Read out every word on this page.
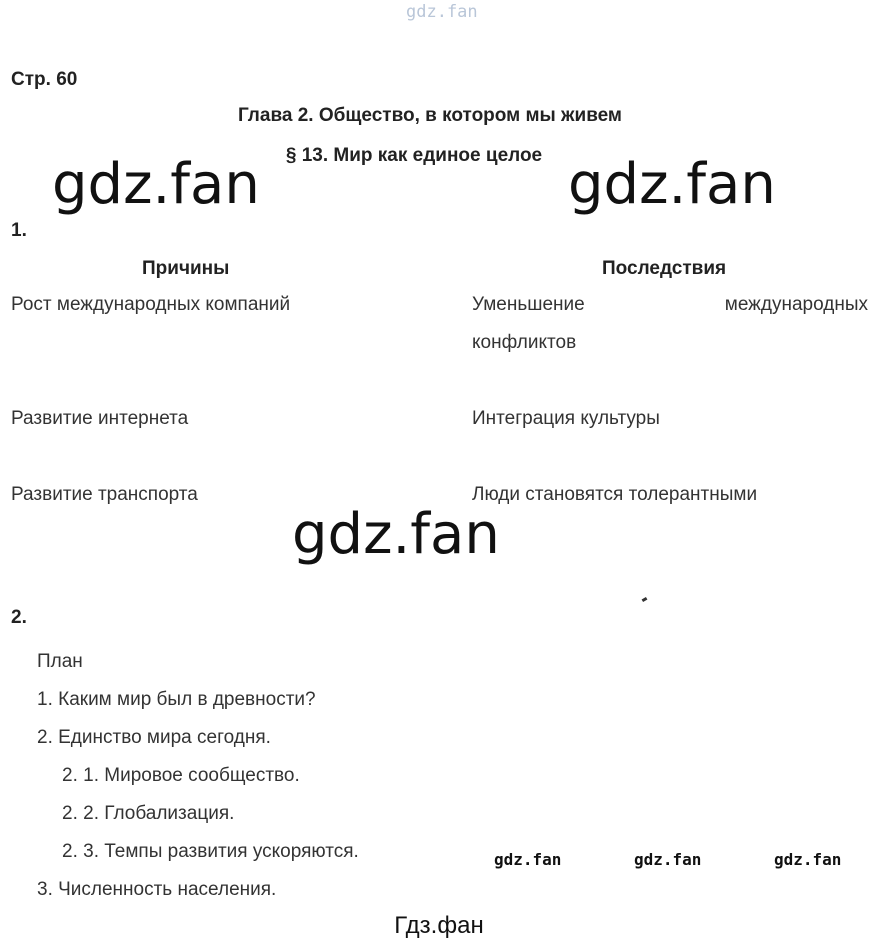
gdz.fan
Стр. 60
Глава 2. Общество, в котором мы живем
§ 13. Мир как единое целое
gdz.fan	gdz.fan
1.
Причины	Последствия
Рост международных компаний	Уменьшение международных
конфликтов
Развитие интернета	Интеграция культуры
Развитие транспорта	Люди становятся толерантными
gdz.fan
2.
План
1. Каким мир был в древности?
2. Единство мира сегодня.
2. 1. Мировое сообщество.
2. 2. Глобализация.
2. 3. Темпы развития ускоряются.
3. Численность населения.
gdz.fan	gdz.fan	gdz.fan
Гдз.фан
